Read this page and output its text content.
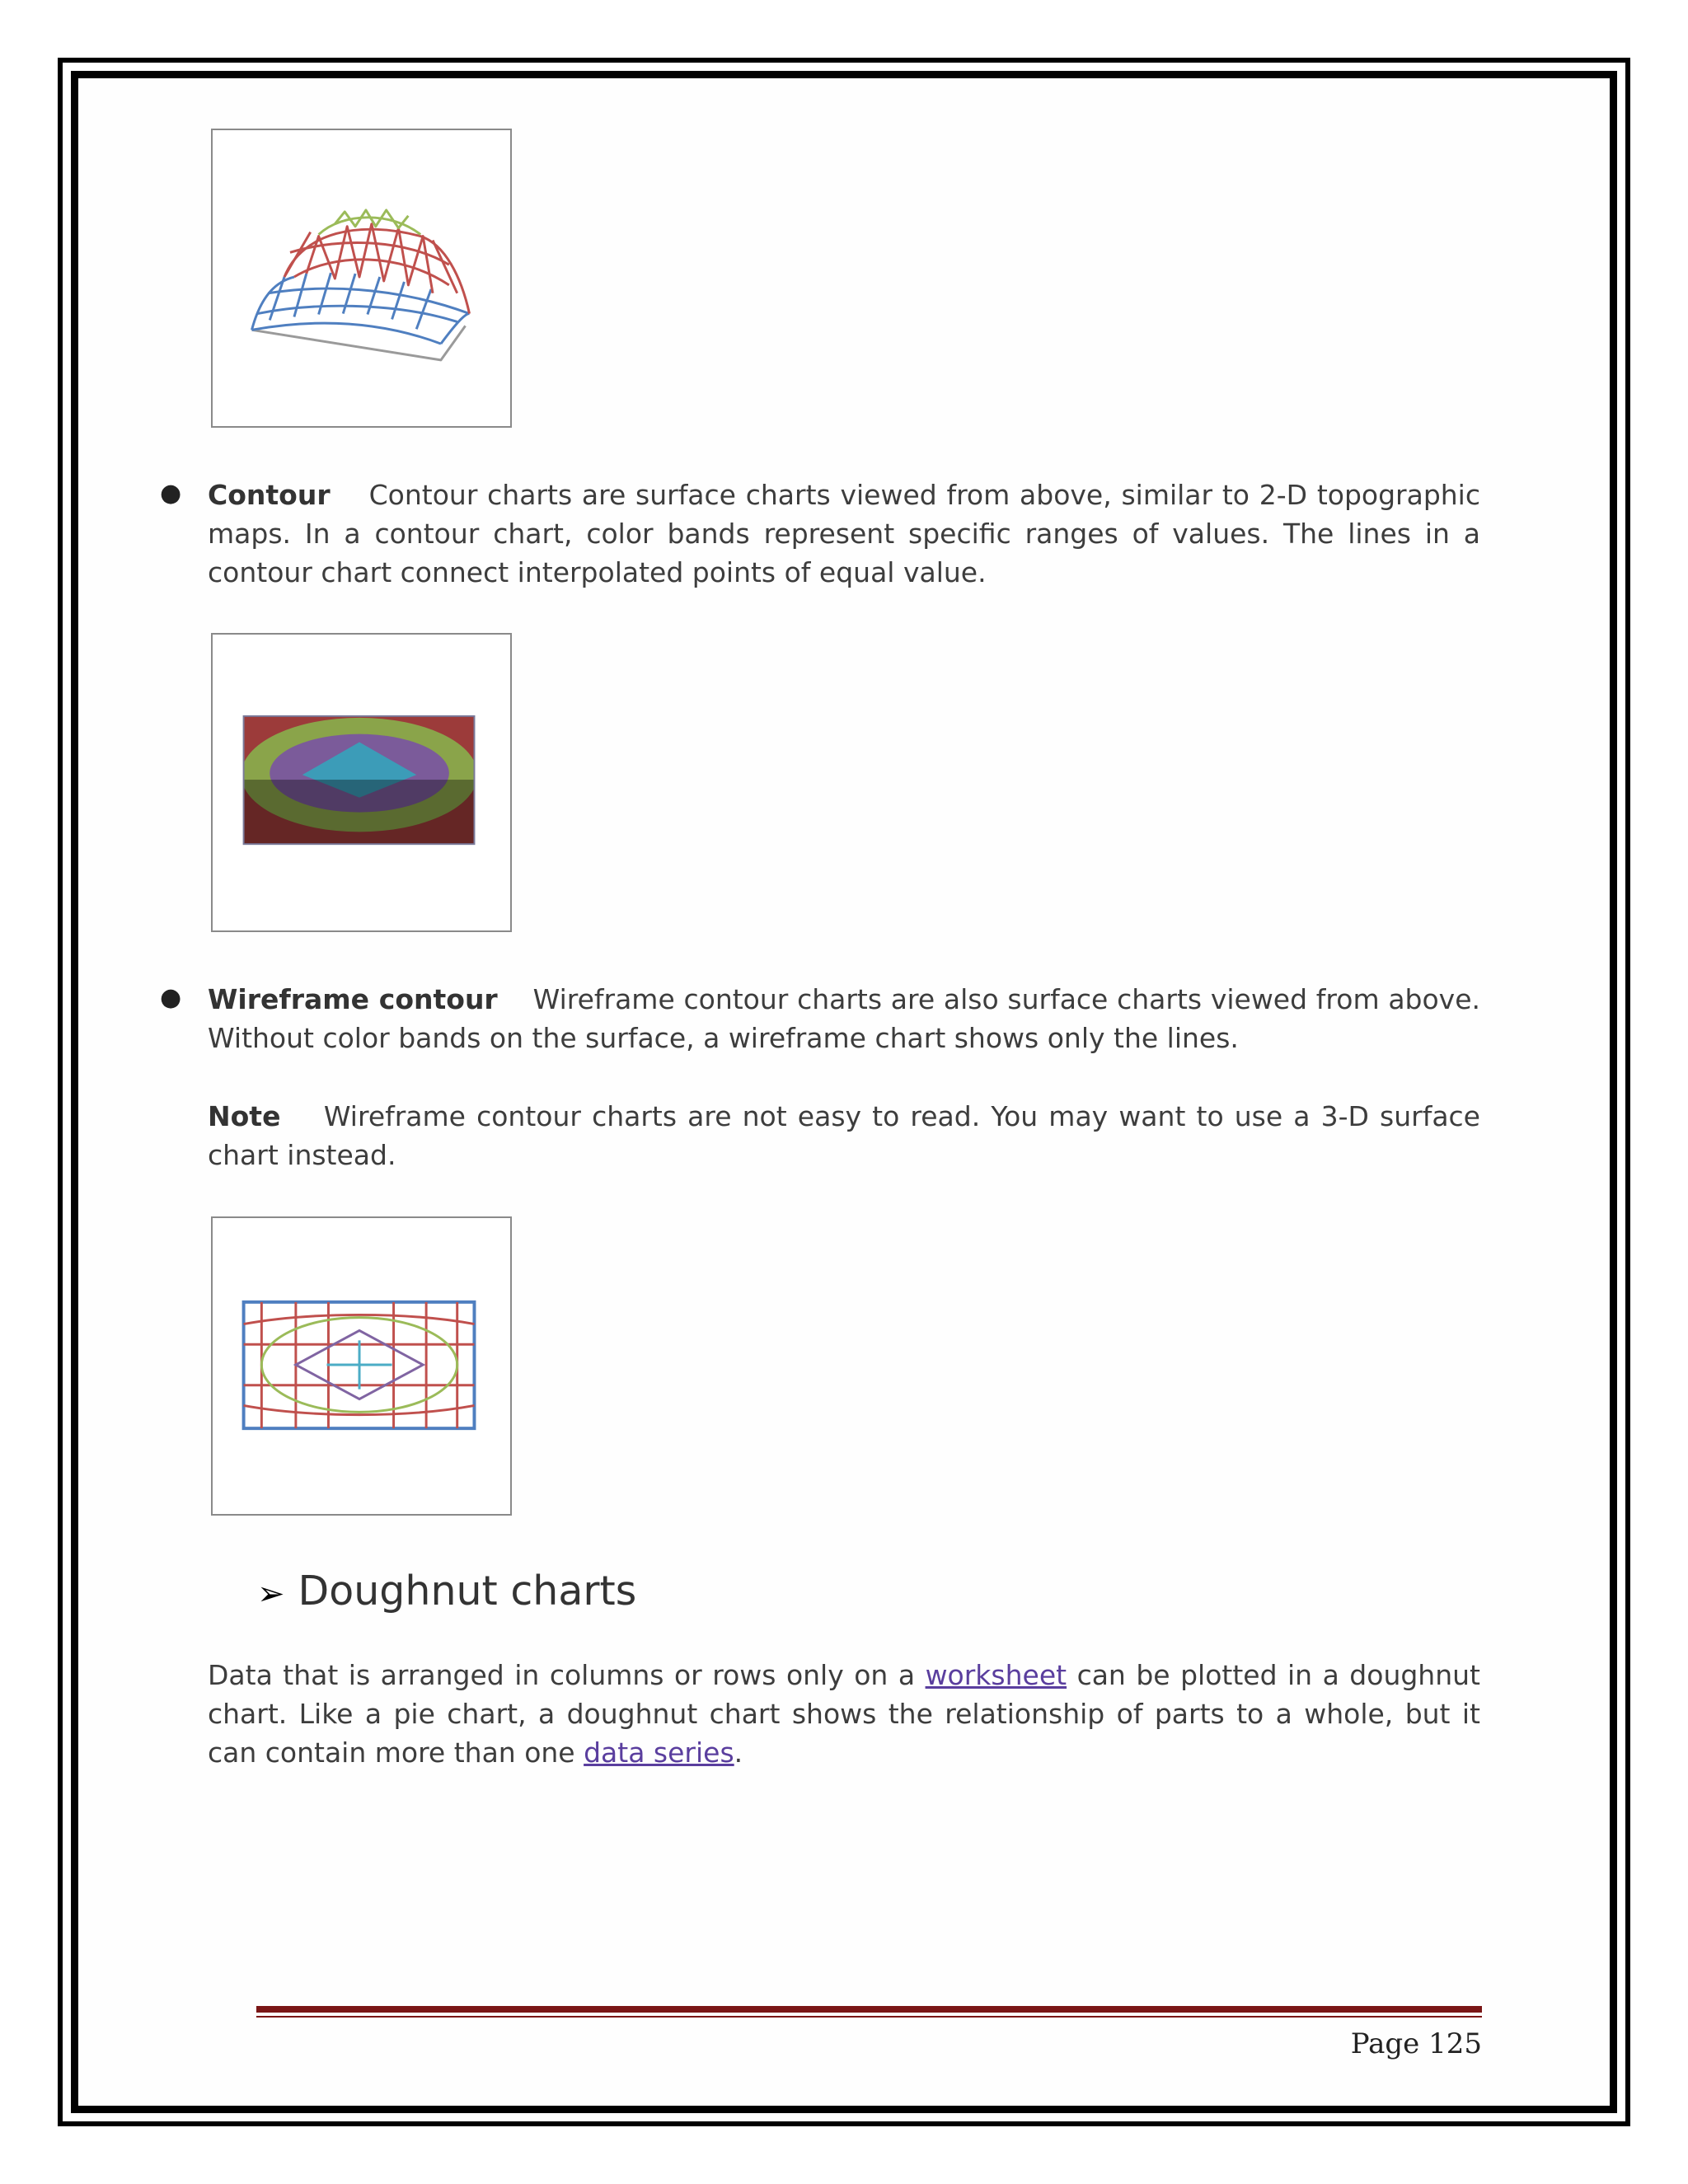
● Contour Contour charts are surface charts viewed from above, similar to 2-D topographic maps. In a contour chart, color bands represent specific ranges of values. The lines in a contour chart connect interpolated points of equal value.

● Wireframe contour Wireframe contour charts are also surface charts viewed from above. Without color bands on the surface, a wireframe chart shows only the lines.

Note Wireframe contour charts are not easy to read. You may want to use a 3-D surface chart instead.

➢ Doughnut charts

Data that is arranged in columns or rows only on a worksheet can be plotted in a doughnut chart. Like a pie chart, a doughnut chart shows the relationship of parts to a whole, but it can contain more than one data series.

Page 125
